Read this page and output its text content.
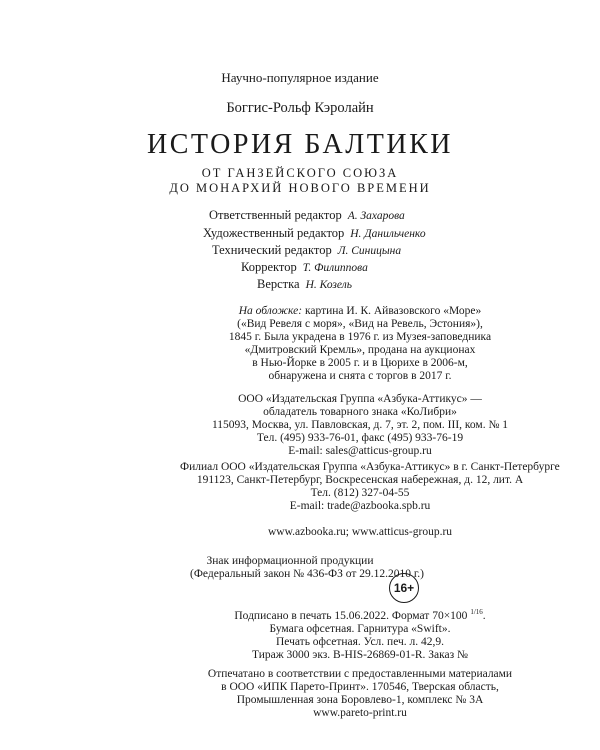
Научно-популярное издание
Боггис-Рольф Кэролайн
ИСТОРИЯ БАЛТИКИ
ОТ ГАНЗЕЙСКОГО СОЮЗА
ДО МОНАРХИЙ НОВОГО ВРЕМЕНИ
Ответственный редактор А. Захарова
Художественный редактор Н. Данильченко
Технический редактор Л. Синицына
Корректор Т. Филиппова
Верстка Н. Козель
На обложке: картина И. К. Айвазовского «Море»
(«Вид Ревеля с моря», «Вид на Ревель, Эстония»),
1845 г. Была украдена в 1976 г. из Музея-заповедника
«Дмитровский Кремль», продана на аукционах
в Нью-Йорке в 2005 г. и в Цюрихе в 2006-м,
обнаружена и снята с торгов в 2017 г.
ООО «Издательская Группа «Азбука-Аттикус» —
обладатель товарного знака «КоЛибри»
115093, Москва, ул. Павловская, д. 7, эт. 2, пом. III, ком. № 1
Тел. (495) 933-76-01, факс (495) 933-76-19
E-mail: sales@atticus-group.ru
Филиал ООО «Издательская Группа «Азбука-Аттикус» в г. Санкт-Петербурге
191123, Санкт-Петербург, Воскресенская набережная, д. 12, лит. А
Тел. (812) 327-04-55
E-mail: trade@azbooka.spb.ru
www.azbooka.ru; www.atticus-group.ru
Знак информационной продукции
(Федеральный закон № 436-ФЗ от 29.12.2010 г.)
16+
Подписано в печать 15.06.2022. Формат 70×100 $^{1/16}$.
Бумага офсетная. Гарнитура «Swift».
Печать офсетная. Усл. печ. л. 42,9.
Тираж 3000 экз. B-HIS-26869-01-R. Заказ №
Отпечатано в соответствии с предоставленными материалами
в ООО «ИПК Парето-Принт». 170546, Тверская область,
Промышленная зона Боровлево-1, комплекс № 3А
www.pareto-print.ru
